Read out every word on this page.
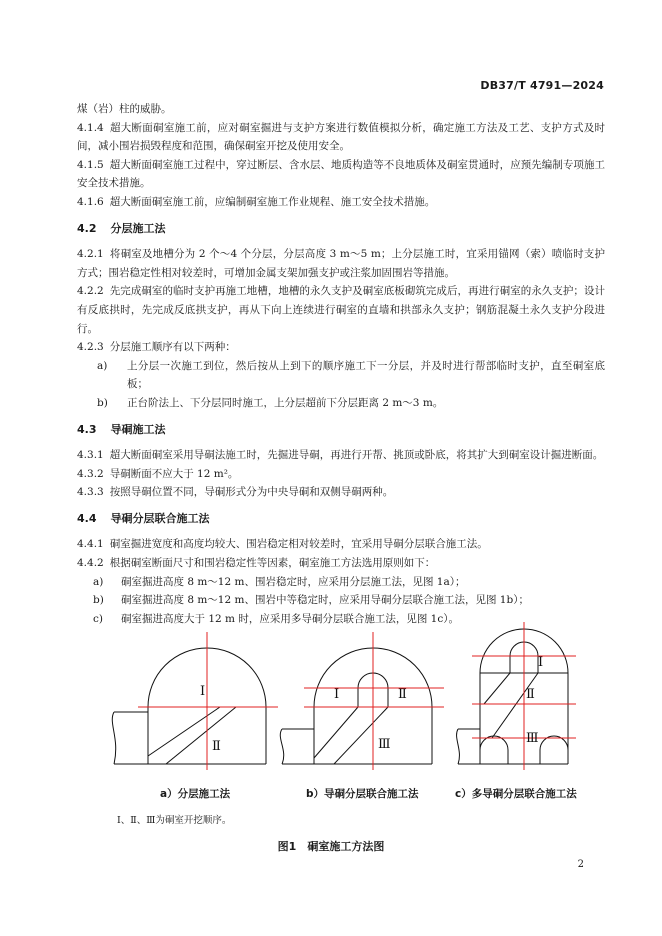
DB37/T 4791—2024

煤（岩）柱的威胁。

4.1.4 超大断面硐室施工前，应对硐室掘进与支护方案进行数值模拟分析，确定施工方法及工艺、支护方式及时间，减小围岩损毁程度和范围，确保硐室开挖及使用安全。

4.1.5 超大断面硐室施工过程中，穿过断层、含水层、地质构造等不良地质体及硐室贯通时，应预先编制专项施工安全技术措施。

4.1.6 超大断面硐室施工前，应编制硐室施工作业规程、施工安全技术措施。

4.2 分层施工法

4.2.1 将硐室及地槽分为 2 个～4 个分层，分层高度 3 m～5 m；上分层施工时，宜采用锚网（索）喷临时支护方式；围岩稳定性相对较差时，可增加金属支架加强支护或注浆加固围岩等措施。

4.2.2 先完成硐室的临时支护再施工地槽，地槽的永久支护及硐室底板砌筑完成后，再进行硐室的永久支护；设计有反底拱时，先完成反底拱支护，再从下向上连续进行硐室的直墙和拱部永久支护；钢筋混凝土永久支护分段进行。

4.2.3 分层施工顺序有以下两种：

a)	上分层一次施工到位，然后按从上到下的顺序施工下一分层，并及时进行帮部临时支护，直至硐室底板；
b)	正台阶法上、下分层同时施工，上分层超前下分层距离 2 m～3 m。
4.3 导硐施工法

4.3.1 超大断面硐室采用导硐法施工时，先掘进导硐，再进行开帮、挑顶或卧底，将其扩大到硐室设计掘进断面。

4.3.2 导硐断面不应大于 12 m²。

4.3.3 按照导硐位置不同，导硐形式分为中央导硐和双侧导硐两种。

4.4 导硐分层联合施工法

4.4.1 硐室掘进宽度和高度均较大、围岩稳定相对较差时，宜采用导硐分层联合施工法。

4.4.2 根据硐室断面尺寸和围岩稳定性等因素，硐室施工方法选用原则如下：

a)	硐室掘进高度 8 m～12 m、围岩稳定时，应采用分层施工法，见图 1a）；
b)	硐室掘进高度 8 m～12 m、围岩中等稳定时，应采用导硐分层联合施工法，见图 1b）；
c)	硐室掘进高度大于 12 m 时，应采用多导硐分层联合施工法，见图 1c）。
Ⅰ
Ⅱ
Ⅰ	Ⅱ
Ⅲ
Ⅰ
Ⅱ
Ⅲ
a）分层施工法	b）导硐分层联合施工法	c）多导硐分层联合施工法
Ⅰ、Ⅱ、Ⅲ为硐室开挖顺序。
图1　硐室施工方法图
2
